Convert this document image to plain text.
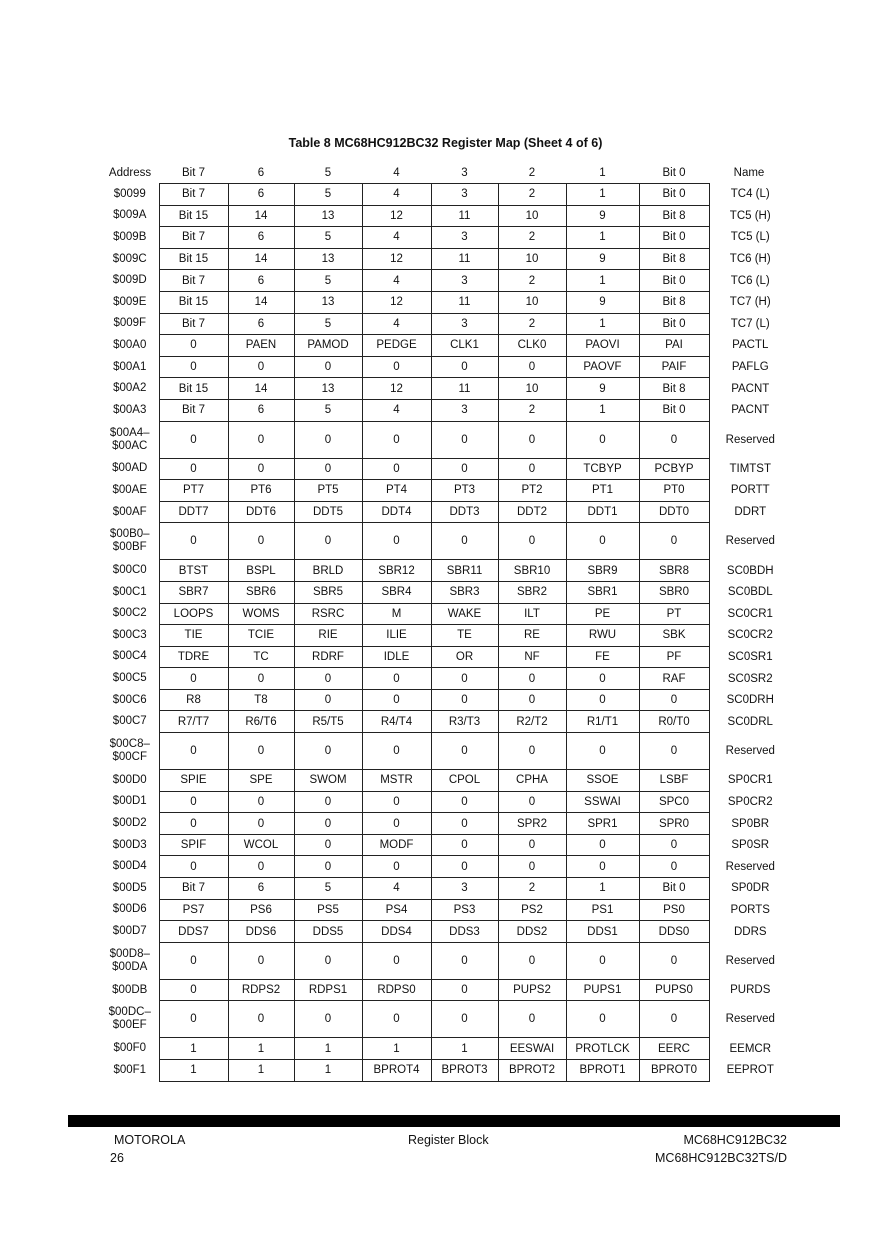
Table 8 MC68HC912BC32 Register Map (Sheet 4 of 6)
Address	Bit 7	6	5	4	3	2	1	Bit 0	Name
$0099	Bit 7	6	5	4	3	2	1	Bit 0	TC4 (L)
$009A	Bit 15	14	13	12	11	10	9	Bit 8	TC5 (H)
$009B	Bit 7	6	5	4	3	2	1	Bit 0	TC5 (L)
$009C	Bit 15	14	13	12	11	10	9	Bit 8	TC6 (H)
$009D	Bit 7	6	5	4	3	2	1	Bit 0	TC6 (L)
$009E	Bit 15	14	13	12	11	10	9	Bit 8	TC7 (H)
$009F	Bit 7	6	5	4	3	2	1	Bit 0	TC7 (L)
$00A0	0	PAEN	PAMOD	PEDGE	CLK1	CLK0	PAOVI	PAI	PACTL
$00A1	0	0	0	0	0	0	PAOVF	PAIF	PAFLG
$00A2	Bit 15	14	13	12	11	10	9	Bit 8	PACNT
$00A3	Bit 7	6	5	4	3	2	1	Bit 0	PACNT
$00A4–
$00AC	0	0	0	0	0	0	0	0	Reserved
$00AD	0	0	0	0	0	0	TCBYP	PCBYP	TIMTST
$00AE	PT7	PT6	PT5	PT4	PT3	PT2	PT1	PT0	PORTT
$00AF	DDT7	DDT6	DDT5	DDT4	DDT3	DDT2	DDT1	DDT0	DDRT
$00B0–
$00BF	0	0	0	0	0	0	0	0	Reserved
$00C0	BTST	BSPL	BRLD	SBR12	SBR11	SBR10	SBR9	SBR8	SC0BDH
$00C1	SBR7	SBR6	SBR5	SBR4	SBR3	SBR2	SBR1	SBR0	SC0BDL
$00C2	LOOPS	WOMS	RSRC	M	WAKE	ILT	PE	PT	SC0CR1
$00C3	TIE	TCIE	RIE	ILIE	TE	RE	RWU	SBK	SC0CR2
$00C4	TDRE	TC	RDRF	IDLE	OR	NF	FE	PF	SC0SR1
$00C5	0	0	0	0	0	0	0	RAF	SC0SR2
$00C6	R8	T8	0	0	0	0	0	0	SC0DRH
$00C7	R7/T7	R6/T6	R5/T5	R4/T4	R3/T3	R2/T2	R1/T1	R0/T0	SC0DRL
$00C8–
$00CF	0	0	0	0	0	0	0	0	Reserved
$00D0	SPIE	SPE	SWOM	MSTR	CPOL	CPHA	SSOE	LSBF	SP0CR1
$00D1	0	0	0	0	0	0	SSWAI	SPC0	SP0CR2
$00D2	0	0	0	0	0	SPR2	SPR1	SPR0	SP0BR
$00D3	SPIF	WCOL	0	MODF	0	0	0	0	SP0SR
$00D4	0	0	0	0	0	0	0	0	Reserved
$00D5	Bit 7	6	5	4	3	2	1	Bit 0	SP0DR
$00D6	PS7	PS6	PS5	PS4	PS3	PS2	PS1	PS0	PORTS
$00D7	DDS7	DDS6	DDS5	DDS4	DDS3	DDS2	DDS1	DDS0	DDRS
$00D8–
$00DA	0	0	0	0	0	0	0	0	Reserved
$00DB	0	RDPS2	RDPS1	RDPS0	0	PUPS2	PUPS1	PUPS0	PURDS
$00DC–
$00EF	0	0	0	0	0	0	0	0	Reserved
$00F0	1	1	1	1	1	EESWAI	PROTLCK	EERC	EEMCR
$00F1	1	1	1	BPROT4	BPROT3	BPROT2	BPROT1	BPROT0	EEPROT
MOTOROLA
26
Register Block	MC68HC912BC32
MC68HC912BC32TS/D
